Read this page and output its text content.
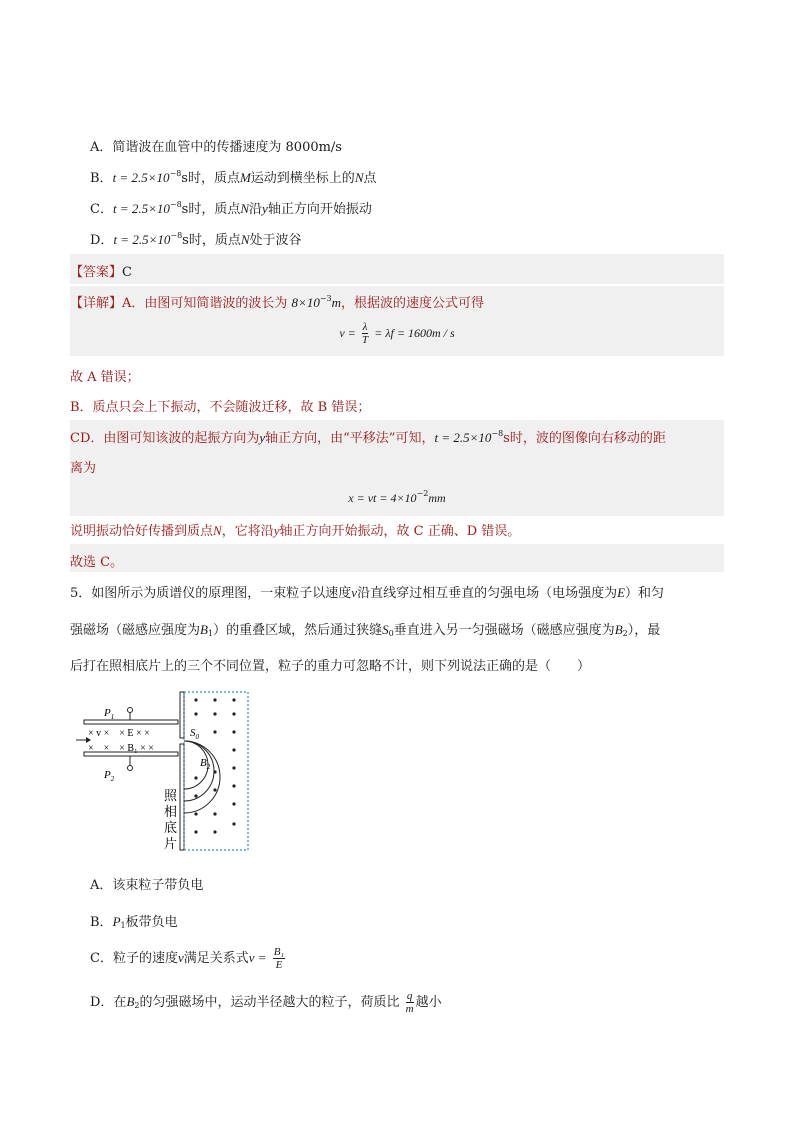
A．简谐波在血管中的传播速度为 8000m/s
B．$t = 2.5\times 10^{-8}s$时，质点M运动到横坐标上的N点
C．$t = 2.5\times 10^{-8}s$时，质点N沿y轴正方向开始振动
D．$t = 2.5\times 10^{-8}s$时，质点N处于波谷
【答案】C
【详解】A．由图可知简谐波的波长为 $8\times 10^{-3}m$，根据波的速度公式可得
$v = \frac{\lambda}{T} = \lambda f = 1600m / s$
故 A 错误；
B．质点只会上下振动，不会随波迁移，故 B 错误；
CD．由图可知该波的起振方向为y轴正方向，由“平移法”可知，$t = 2.5\times 10^{-8}s$时，波的图像向右移动的距
离为
x = vt = $4\times 10^{-2}mm$
说明振动恰好传播到质点N，它将沿y轴正方向开始振动，故 C 正确、D 错误。
故选 C。
5．如图所示为质谱仪的原理图，一束粒子以速度v沿直线穿过相互垂直的匀强电场（电场强度为E）和匀
强磁场（磁感应强度为$B_1$）的重叠区域，然后通过狭缝$S_0$垂直进入另一匀强磁场（磁感应强度为$B_2$），最
后打在照相底片上的三个不同位置，粒子的重力可忽略不计，则下列说法正确的是（　　）
$P_1$
$P_2$
× v ×　× E × ×
×　×　× B₁ × ×
$S_0$
$B_2$
照
相
底
片
A．该束粒子带负电
B．$P_1$板带负电
C．粒子的速度v满足关系式$v = \frac{\text{B₁}}{E}$
D．在$B_2$的匀强磁场中，运动半径越大的粒子，荷质比 $\frac{q}{m}$ 越小
